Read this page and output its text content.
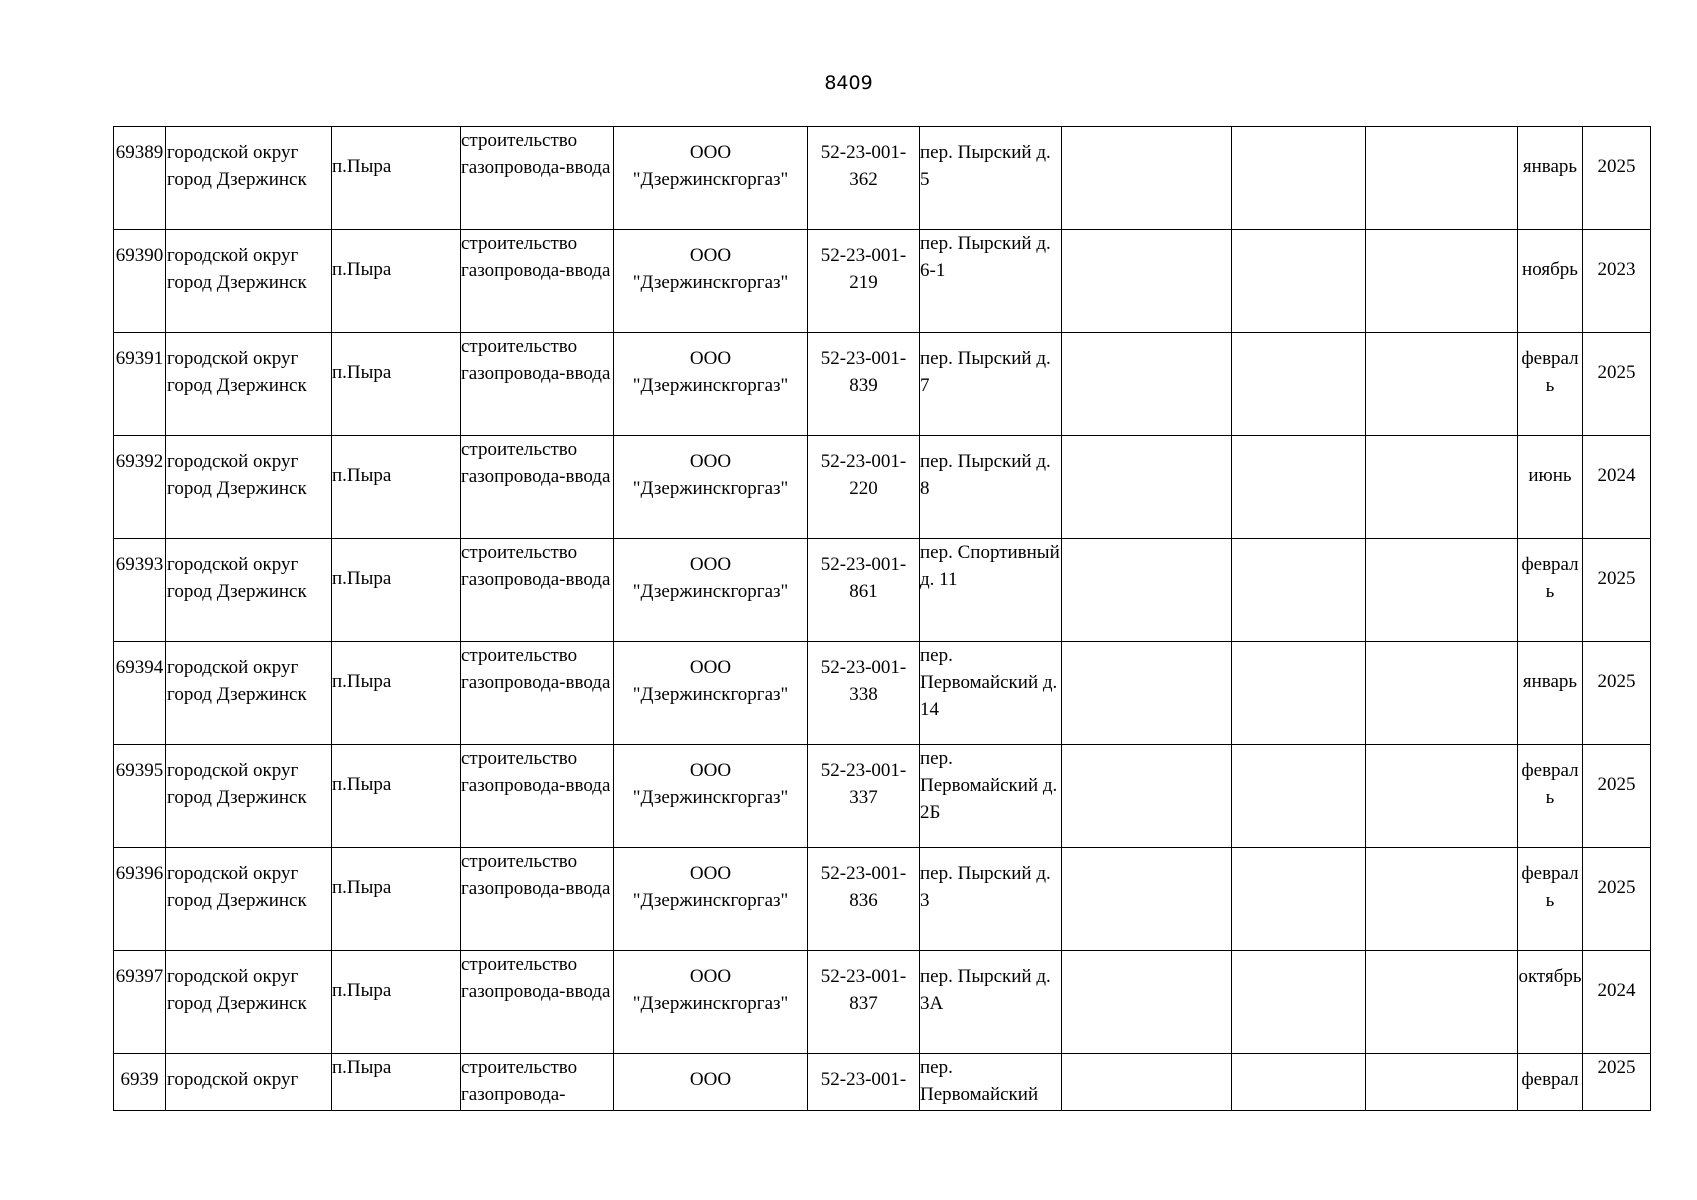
8409
69389	городской округ город Дзержинск	п.Пыра	строительство газопровода-ввода	ООО "Дзержинскгоргаз"	52-23-001-362	пер. Пырский д. 5				январь	2025
69390	городской округ город Дзержинск	п.Пыра	строительство газопровода-ввода	ООО "Дзержинскгоргаз"	52-23-001-219	пер. Пырский д. 6-1				ноябрь	2023
69391	городской округ город Дзержинск	п.Пыра	строительство газопровода-ввода	ООО "Дзержинскгоргаз"	52-23-001-839	пер. Пырский д. 7				февраль	2025
69392	городской округ город Дзержинск	п.Пыра	строительство газопровода-ввода	ООО "Дзержинскгоргаз"	52-23-001-220	пер. Пырский д. 8				июнь	2024
69393	городской округ город Дзержинск	п.Пыра	строительство газопровода-ввода	ООО "Дзержинскгоргаз"	52-23-001-861	пер. Спортивный д. 11				февраль	2025
69394	городской округ город Дзержинск	п.Пыра	строительство газопровода-ввода	ООО "Дзержинскгоргаз"	52-23-001-338	пер. Первомайский д. 14				январь	2025
69395	городской округ город Дзержинск	п.Пыра	строительство газопровода-ввода	ООО "Дзержинскгоргаз"	52-23-001-337	пер. Первомайский д. 2Б				февраль	2025
69396	городской округ город Дзержинск	п.Пыра	строительство газопровода-ввода	ООО "Дзержинскгоргаз"	52-23-001-836	пер. Пырский д. 3				февраль	2025
69397	городской округ город Дзержинск	п.Пыра	строительство газопровода-ввода	ООО "Дзержинскгоргаз"	52-23-001-837	пер. Пырский д. 3А				октябрь	2024
6939	городской округ	п.Пыра	строительство газопровода-	ООО	52-23-001-	пер. Первомайский				феврал	2025
